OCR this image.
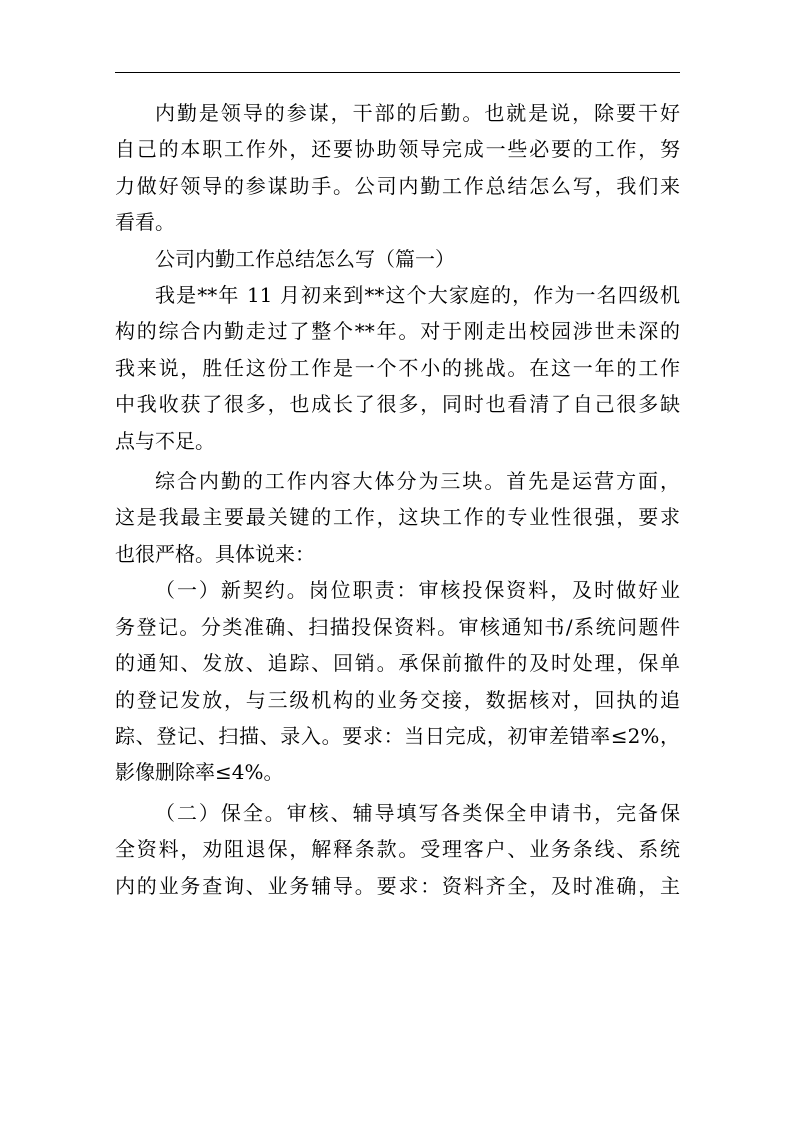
内勤是领导的参谋，干部的后勤。也就是说，除要干好
自己的本职工作外，还要协助领导完成一些必要的工作，努
力做好领导的参谋助手。公司内勤工作总结怎么写，我们来
看看。
公司内勤工作总结怎么写（篇一）
我是**年 11 月初来到**这个大家庭的，作为一名四级机
构的综合内勤走过了整个**年。对于刚走出校园涉世未深的
我来说，胜任这份工作是一个不小的挑战。在这一年的工作
中我收获了很多，也成长了很多，同时也看清了自己很多缺
点与不足。
综合内勤的工作内容大体分为三块。首先是运营方面，
这是我最主要最关键的工作，这块工作的专业性很强，要求
也很严格。具体说来：
（一）新契约。岗位职责：审核投保资料，及时做好业
务登记。分类准确、扫描投保资料。审核通知书/系统问题件
的通知、发放、追踪、回销。承保前撤件的及时处理，保单
的登记发放，与三级机构的业务交接，数据核对，回执的追
踪、登记、扫描、录入。要求：当日完成，初审差错率≤2%，
影像删除率≤4%。
（二）保全。审核、辅导填写各类保全申请书，完备保
全资料，劝阻退保，解释条款。受理客户、业务条线、系统
内的业务查询、业务辅导。要求：资料齐全，及时准确，主
